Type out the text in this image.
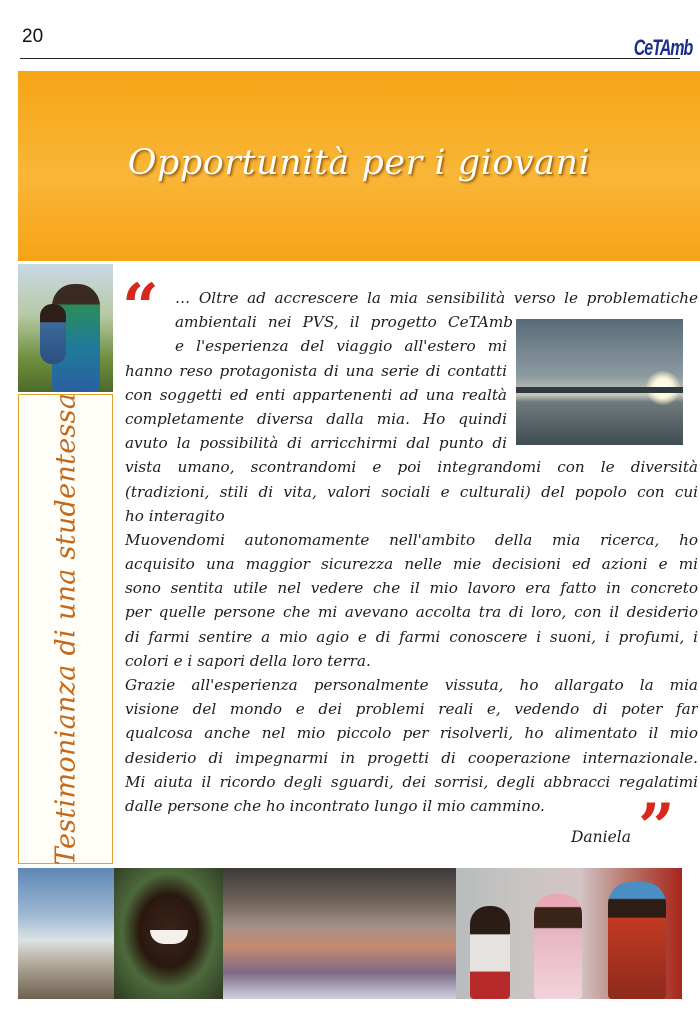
20
CeTAmb
Opportunità per i giovani
Testimonianza di una studentessa
“	… Oltre ad accrescere la mia sensibilità verso le problematiche
ambientali nei PVS, il progetto CeTAmb
e l'esperienza del viaggio all'estero mi
hanno reso protagonista di una serie di contatti
con soggetti ed enti appartenenti ad una realtà
completamente diversa dalla mia. Ho quindi
avuto la possibilità di arricchirmi dal punto di
vista umano, scontrandomi e poi integrandomi con le diversità
(tradizioni, stili di vita, valori sociali e culturali) del popolo con cui
ho interagito
Muovendomi autonomamente nell'ambito della mia ricerca, ho
acquisito una maggior sicurezza nelle mie decisioni ed azioni e mi
sono sentita utile nel vedere che il mio lavoro era fatto in concreto
per quelle persone che mi avevano accolta tra di loro, con il desiderio
di farmi sentire a mio agio e di farmi conoscere i suoni, i profumi, i
colori e i sapori della loro terra.
Grazie all'esperienza personalmente vissuta, ho allargato la mia
visione del mondo e dei problemi reali e, vedendo di poter far
qualcosa anche nel mio piccolo per risolverli, ho alimentato il mio
desiderio di impegnarmi in progetti di cooperazione internazionale.
Mi aiuta il ricordo degli sguardi, dei sorrisi, degli abbracci regalatimi
dalle persone che ho incontrato lungo il mio cammino.
Daniela ”
